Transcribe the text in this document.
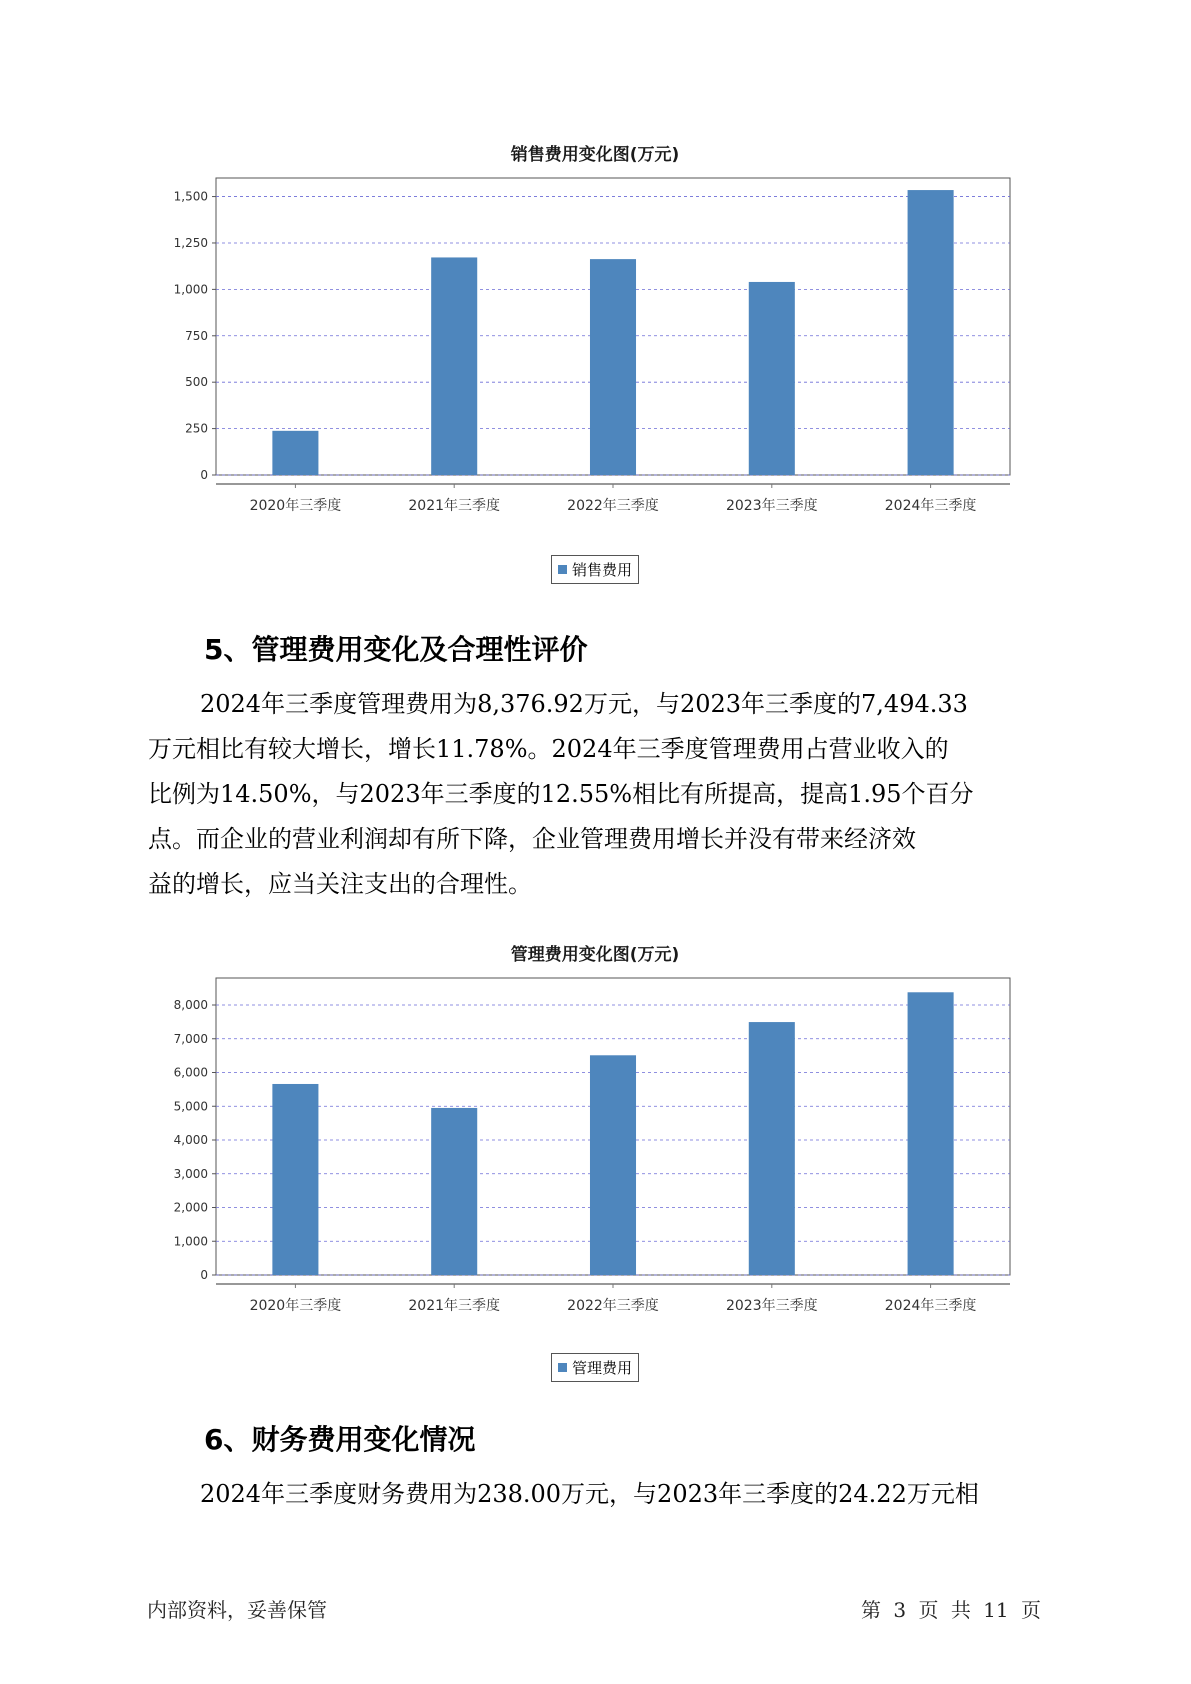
销售费用变化图(万元)
0
250
500
750
1,000
1,250
1,500
2020年三季度	2021年三季度	2022年三季度	2023年三季度	2024年三季度
销售费用
5、管理费用变化及合理性评价
2024年三季度管理费用为8,376.92万元，与2023年三季度的7,494.33
万元相比有较大增长，增长11.78%。2024年三季度管理费用占营业收入的
比例为14.50%，与2023年三季度的12.55%相比有所提高，提高1.95个百分
点。而企业的营业利润却有所下降，企业管理费用增长并没有带来经济效
益的增长，应当关注支出的合理性。
管理费用变化图(万元)
0
1,000
2,000
3,000
4,000
5,000
6,000
7,000
8,000
2020年三季度	2021年三季度	2022年三季度	2023年三季度	2024年三季度
管理费用
6、财务费用变化情况
2024年三季度财务费用为238.00万元，与2023年三季度的24.22万元相
内部资料，妥善保管	第 3 页 共 11 页
